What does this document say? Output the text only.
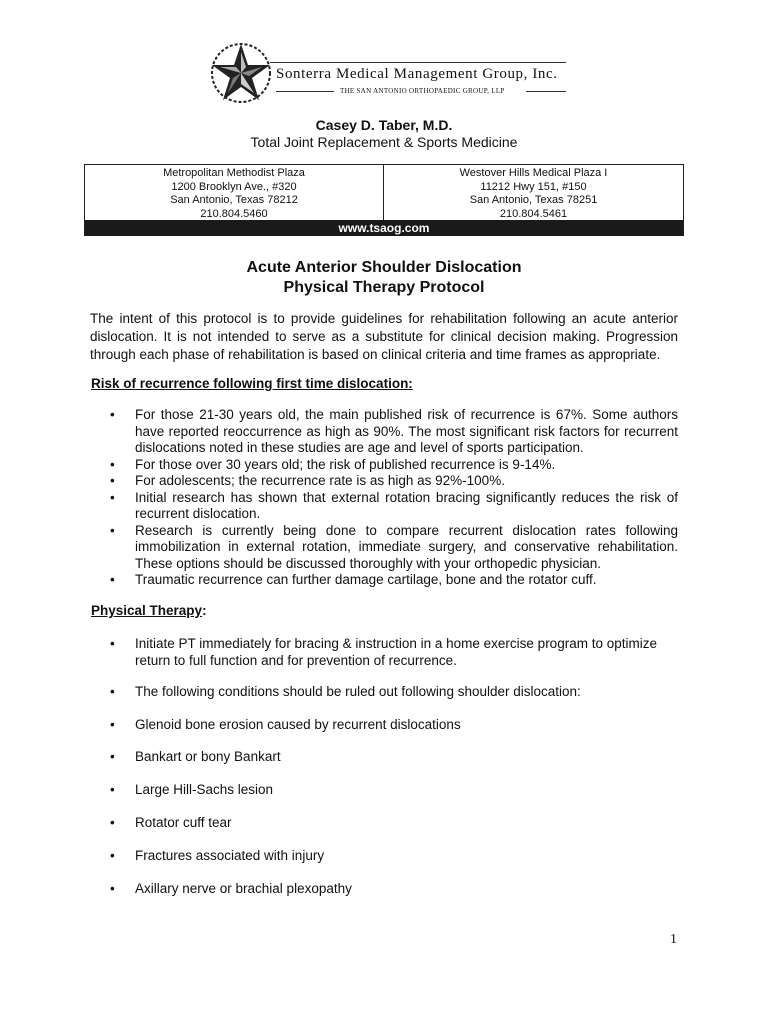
Sonterra Medical Management Group, Inc.
THE SAN ANTONIO ORTHOPAEDIC GROUP, LLP
Casey D. Taber, M.D.
Total Joint Replacement & Sports Medicine
Metropolitan Methodist Plaza
1200 Brooklyn Ave., #320
San Antonio, Texas 78212
210.804.5460
Westover Hills Medical Plaza I
11212 Hwy 151, #150
San Antonio, Texas 78251
210.804.5461
www.tsaog.com
Acute Anterior Shoulder Dislocation
Physical Therapy Protocol

The intent of this protocol is to provide guidelines for rehabilitation following an acute anterior dislocation. It is not intended to serve as a substitute for clinical decision making. Progression through each phase of rehabilitation is based on clinical criteria and time frames as appropriate.

Risk of recurrence following first time dislocation:
• For those 21-30 years old, the main published risk of recurrence is 67%. Some authors have reported reoccurrence as high as 90%. The most significant risk factors for recurrent dislocations noted in these studies are age and level of sports participation.
• For those over 30 years old; the risk of published recurrence is 9-14%.
• For adolescents; the recurrence rate is as high as 92%-100%.
• Initial research has shown that external rotation bracing significantly reduces the risk of recurrent dislocation.
• Research is currently being done to compare recurrent dislocation rates following immobilization in external rotation, immediate surgery, and conservative rehabilitation. These options should be discussed thoroughly with your orthopedic physician.
• Traumatic recurrence can further damage cartilage, bone and the rotator cuff.
Physical Therapy:
• Initiate PT immediately for bracing & instruction in a home exercise program to optimize return to full function and for prevention of recurrence.
• The following conditions should be ruled out following shoulder dislocation:
• Glenoid bone erosion caused by recurrent dislocations
• Bankart or bony Bankart
• Large Hill-Sachs lesion
• Rotator cuff tear
• Fractures associated with injury
• Axillary nerve or brachial plexopathy
1
